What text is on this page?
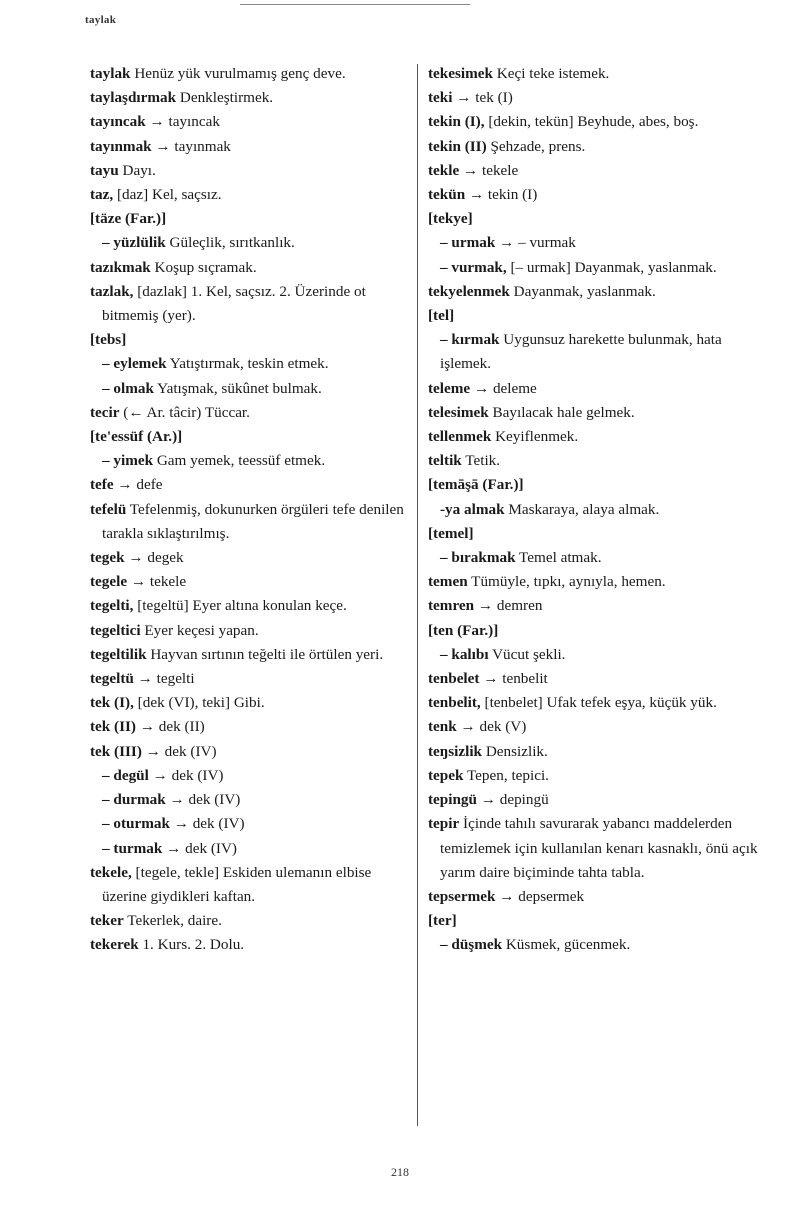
taylak

taylak Henüz yük vurulmamış genç deve.

taylaşdırmak Denkleştirmek.

tayıncak → tayıncak

tayınmak → tayınmak

tayu Dayı.

taz, [daz] Kel, saçsız.

[täze (Far.)]

– yüzlülik Güleçlik, sırıtkanlık.

tazıkmak Koşup sıçramak.

tazlak, [dazlak] 1. Kel, saçsız. 2. Üzerinde ot bitmemiş (yer).

[tebs]

– eylemek Yatıştırmak, teskin etmek.

– olmak Yatışmak, sükûnet bulmak.

tecir (← Ar. tâcir) Tüccar.

[te'essüf (Ar.)]

– yimek Gam yemek, teessüf etmek.

tefe → defe

tefelü Tefelenmiş, dokunurken örgüleri tefe denilen tarakla sıklaştırılmış.

tegek → degek

tegele → tekele

tegelti, [tegeltü] Eyer altına konulan keçe.

tegeltici Eyer keçesi yapan.

tegeltilik Hayvan sırtının teğelti ile örtülen yeri.

tegeltü → tegelti

tek (I), [dek (VI), teki] Gibi.

tek (II) → dek (II)

tek (III) → dek (IV)

– degül → dek (IV)

– durmak → dek (IV)

– oturmak → dek (IV)

– turmak → dek (IV)

tekele, [tegele, tekle] Eskiden ulemanın elbise üzerine giydikleri kaftan.

teker Tekerlek, daire.

tekerek 1. Kurs. 2. Dolu.

tekesimek Keçi teke istemek.

teki → tek (I)

tekin (I), [dekin, tekün] Beyhude, abes, boş.

tekin (II) Şehzade, prens.

tekle → tekele

tekün → tekin (I)

[tekye]

– urmak → – vurmak

– vurmak, [– urmak] Dayanmak, yaslanmak.

tekyelenmek Dayanmak, yaslanmak.

[tel]

– kırmak Uygunsuz harekette bulunmak, hata işlemek.

teleme → deleme

telesimek Bayılacak hale gelmek.

tellenmek Keyiflenmek.

teltik Tetik.

[temāşā (Far.)]

-ya almak Maskaraya, alaya almak.

[temel]

– bırakmak Temel atmak.

temen Tümüyle, tıpkı, aynıyla, hemen.

temren → demren

[ten (Far.)]

– kalıbı Vücut şekli.

tenbelet → tenbelit

tenbelit, [tenbelet] Ufak tefek eşya, küçük yük.

tenk → dek (V)

teŋsizlik Densizlik.

tepek Tepen, tepici.

tepingü → depingü

tepir İçinde tahılı savurarak yabancı maddelerden temizlemek için kullanılan kenarı kasnaklı, önü açık yarım daire biçiminde tahta tabla.

tepsermek → depsermek

[ter]

– düşmek Küsmek, gücenmek.

218
